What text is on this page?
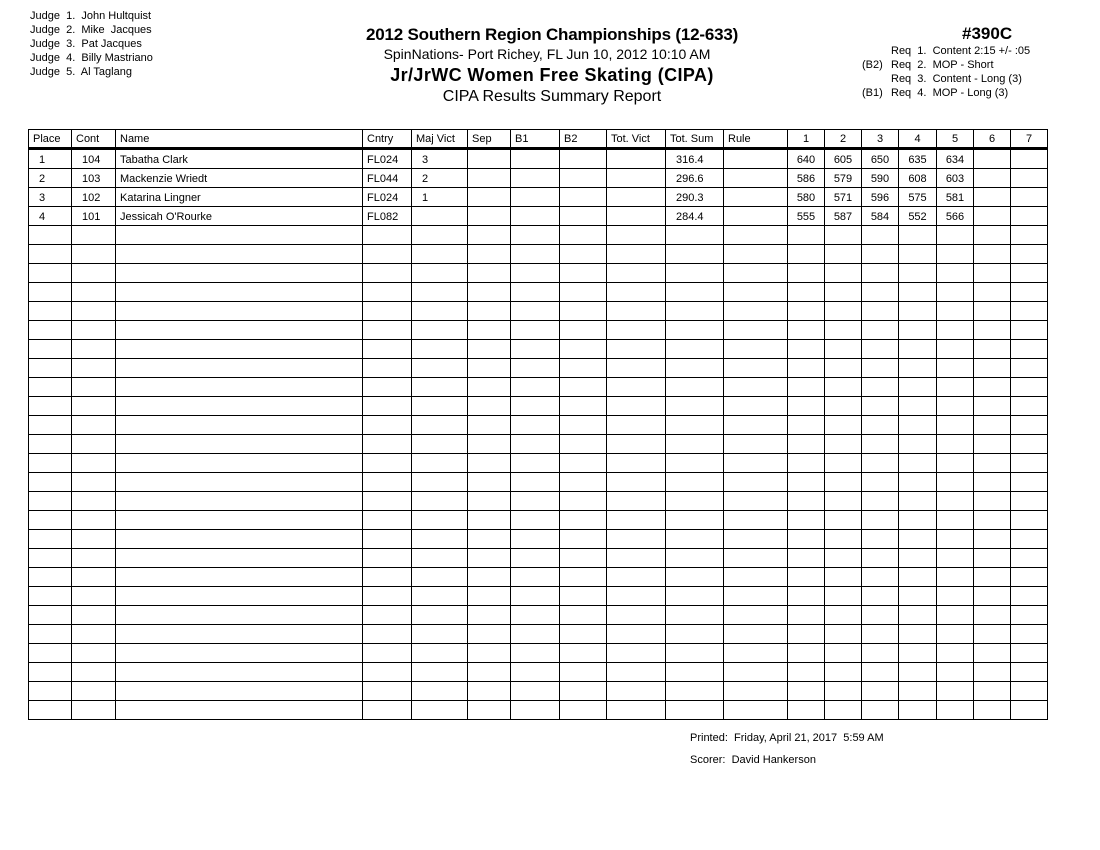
Judge  1.  John Hultquist
Judge  2.  Mike  Jacques
Judge  3.  Pat Jacques
Judge  4.  Billy Mastriano
Judge  5.  Al Taglang
2012 Southern Region Championships (12-633)
SpinNations- Port Richey, FL Jun 10, 2012 10:10 AM
Jr/JrWC Women Free Skating (CIPA)
CIPA Results Summary Report
#390C
Req  1.  Content 2:15 +/- :05
(B2) Req  2.  MOP - Short
Req  3.  Content - Long (3)
(B1) Req  4.  MOP - Long (3)
Place	Cont	Name	Cntry	Maj Vict	Sep	B1	B2	Tot. Vict	Tot. Sum	Rule	1	2	3	4	5	6	7
1	104	Tabatha Clark	FL024	3					316.4		640	605	650	635	634		
2	103	Mackenzie Wriedt	FL044	2					296.6		586	579	590	608	603		
3	102	Katarina Lingner	FL024	1					290.3		580	571	596	575	581		
4	101	Jessicah O'Rourke	FL082						284.4		555	587	584	552	566		

Printed:  Friday, April 21, 2017  5:59 AM
Scorer:  David Hankerson
